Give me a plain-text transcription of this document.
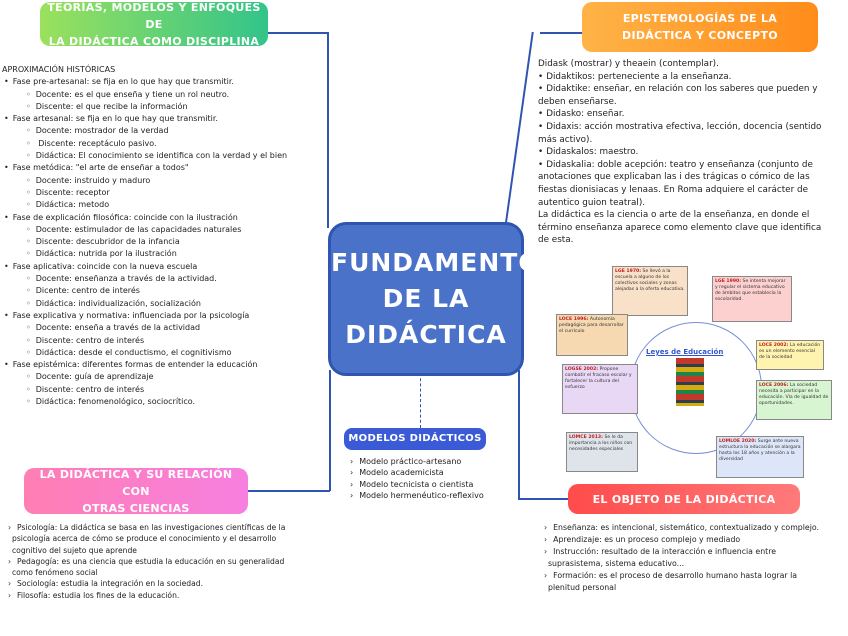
TEORÍAS, MODELOS Y ENFOQUES DE
LA DIDÁCTICA COMO DISCIPLINA
EPISTEMOLOGÍAS DE LA
DIDÁCTICA Y CONCEPTO
LA DIDÁCTICA Y SU RELACIÓN CON
OTRAS CIENCIAS
EL OBJETO DE LA DIDÁCTICA
MODELOS DIDÁCTICOS
FUNDAMENTOS
DE LA
DIDÁCTICA

APROXIMACIÓN HISTÓRICAS

• Fase pre-artesanal: se fija en lo que hay que transmitir.

◦ Docente: es el que enseña y tiene un rol neutro.

◦ Discente: el que recibe la información

• Fase artesanal: se fija en lo que hay que transmitir.

◦ Docente: mostrador de la verdad

◦ Discente: receptáculo pasivo.

◦ Didáctica: El conocimiento se identifica con la verdad y el bien

• Fase metódica: "el arte de enseñar a todos"

◦ Docente: instruido y maduro

◦ Discente: receptor

◦ Didáctica: metodo

• Fase de explicación filosófica: coincide con la ilustración

◦ Docente: estimulador de las capacidades naturales

◦ Discente: descubridor de la infancia

◦ Didáctica: nutrida por la ilustración

• Fase aplicativa: coincide con la nueva escuela

◦ Docente: enseñanza a través de la actividad.

◦ Dicente: centro de interés

◦ Didáctica: individualización, socialización

• Fase explicativa y normativa: influenciada por la psicología

◦ Docente: enseña a través de la actividad

◦ Discente: centro de interés

◦ Didáctica: desde el conductismo, el cognitivismo

• Fase epistémica: diferentes formas de entender la educación

◦ Docente: guía de aprendizaje

◦ Discente: centro de interés

◦ Didáctica: fenomenológico, sociocrítico.

Didask (mostrar) y theaein (contemplar).

• Didaktikos: perteneciente a la enseñanza.

• Didaktike: enseñar, en relación con los saberes que pueden y

deben enseñarse.

• Didasko: enseñar.

• Didaxis: acción mostrativa efectiva, lección, docencia (sentido

más activo).

• Didaskalos: maestro.

• Didaskalia: doble acepción: teatro y enseñanza (conjunto de

anotaciones que explicaban las i des trágicas o cómico de las

fiestas dionisiacas y lenaas. En Roma adquiere el carácter de

autentico guion teatral).

La didáctica es la ciencia o arte de la enseñanza, en donde el

término enseñanza aparece como elemento clave que identifica

de esta.

› Modelo práctico-artesano

› Modelo academicista

› Modelo tecnicista o cientista

› Modelo hermenéutico-reflexivo

› Psicología: La didáctica se basa en las investigaciones científicas de la

psicología acerca de cómo se produce el conocimiento y el desarrollo

cognitivo del sujeto que aprende

› Pedagogía: es una ciencia que estudia la educación en su generalidad

como fenómeno social

› Sociología: estudia la integración en la sociedad.

› Filosofía: estudia los fines de la educación.

› Enseñanza: es intencional, sistemático, contextualizado y complejo.

› Aprendizaje: es un proceso complejo y mediado

› Instrucción: resultado de la interacción e influencia entre

suprasistema, sistema educativo...

› Formación: es el proceso de desarrollo humano hasta lograr la

plenitud personal

Leyes de Educación
LGE 1970: Se llevó a la escuela a alguno de los colectivos sociales y zonas alejadas a la oferta educativa.
LGE 1990: Se intenta mejorar y regular el sistema educativo de ámbitos que establecía la escolaridad.
LOCE 1996: Autonomía pedagógica para desarrollar el currículo
LOCE 2002: La educación es un elemento esencial de la sociedad
LOGSE 2002: Propone combatir el fracaso escolar y fortalecer la cultura del esfuerzo	LOCE 2006: La sociedad necesita a participar en la educación. Vía de igualdad de oportunidades.
LOMCE 2013: Se le da importancia a los niños con necesidades especiales
LOMLOE 2020: Surge ante nueva estructura la educación se alargara hasta los 18 años y atención a la diversidad
